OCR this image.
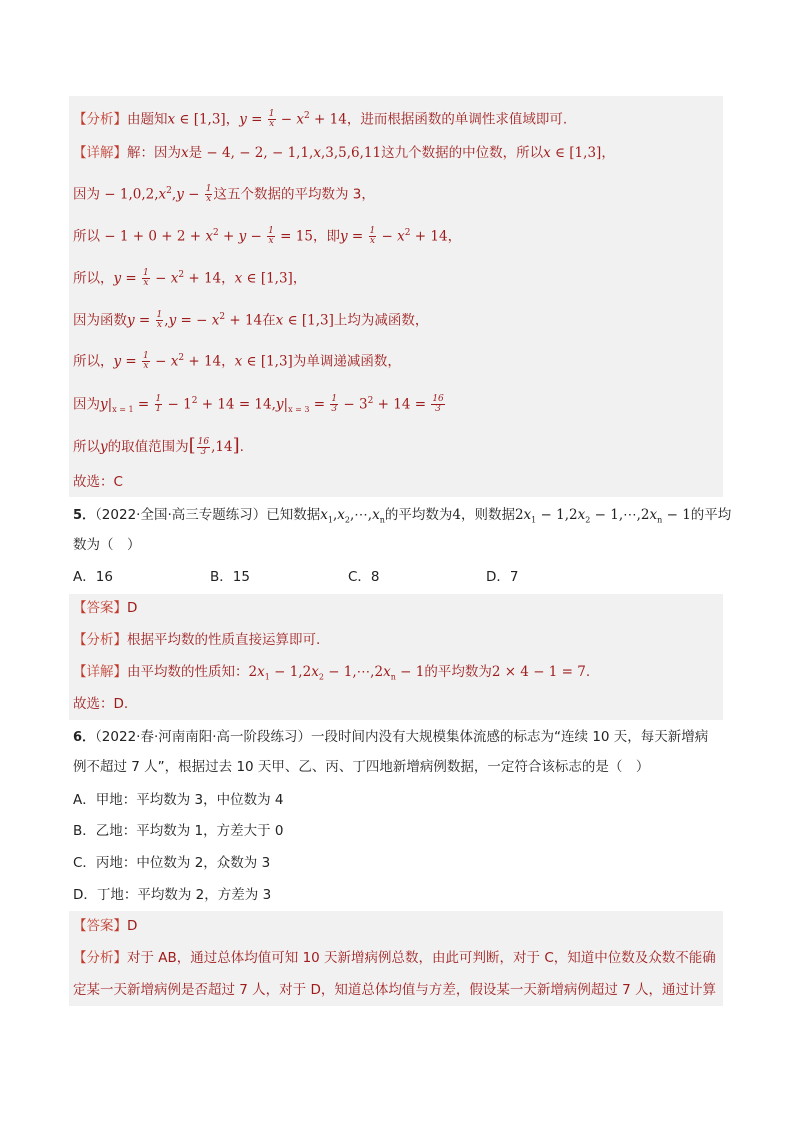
【分析】由题知x ∈ [1,3]，$y = \frac{1}{x} - x^2 + 14$，进而根据函数的单调性求值域即可.
【详解】解：因为x是 − 4, − 2, − 1,1,x,3,5,6,11这九个数据的中位数，所以x ∈ [1,3]，
因为 − $1,0,2,x^2,y - \frac{1}{x}$ 这五个数据的平均数为 3，
所以 − $1 + 0 + 2 + x^2 + y - \frac{1}{x} = 15$，即$y = \frac{1}{x} - x^2 + 14$，
所以，$y = \frac{1}{x} - x^2 + 14$，x ∈ [1,3]，
因为函数$y = \frac{1}{x} ,y$ = − $x^2 + 14$在x ∈ [1,3]上均为减函数，
所以，$y = \frac{1}{x} - x^2 + 14$，x ∈ [1,3]为单调递减函数，
因为$y|_{x = 1} = \frac{1}{1} - 1^2 + 14 = 14,y|_{x = 3} = \frac{1}{3} - 3^2 + 14 = \frac{16}{3}$
所以y的取值范围为[ $\frac{16}{3} ,14$].
故选：C
5．（2022·全国·高三专题练习）已知数据$x_1,x_2,\cdots,x_n$的平均数为4，则数据$2x_1 - 1,2x_2$ − $1,\cdots,2x_n - 1$的平均
数为（　）
A．16	B．15	C．8	D．7
【答案】D
【分析】根据平均数的性质直接运算即可.
【详解】由平均数的性质知：$2x_1 - 1,2x_2$ − $1,\cdots,2x_n - 1$的平均数为2 × 4 − 1 = 7.
故选：D.
6．（2022·春·河南南阳·高一阶段练习）一段时间内没有大规模集体流感的标志为“连续 10 天，每天新增病
例不超过 7 人”，根据过去 10 天甲、乙、丙、丁四地新增病例数据，一定符合该标志的是（　）
A．甲地：平均数为 3，中位数为 4
B．乙地：平均数为 1，方差大于 0
C．丙地：中位数为 2，众数为 3
D．丁地：平均数为 2，方差为 3
【答案】D
【分析】对于 AB，通过总体均值可知 10 天新增病例总数，由此可判断，对于 C，知道中位数及众数不能确
定某一天新增病例是否超过 7 人，对于 D，知道总体均值与方差，假设某一天新增病例超过 7 人，通过计算
